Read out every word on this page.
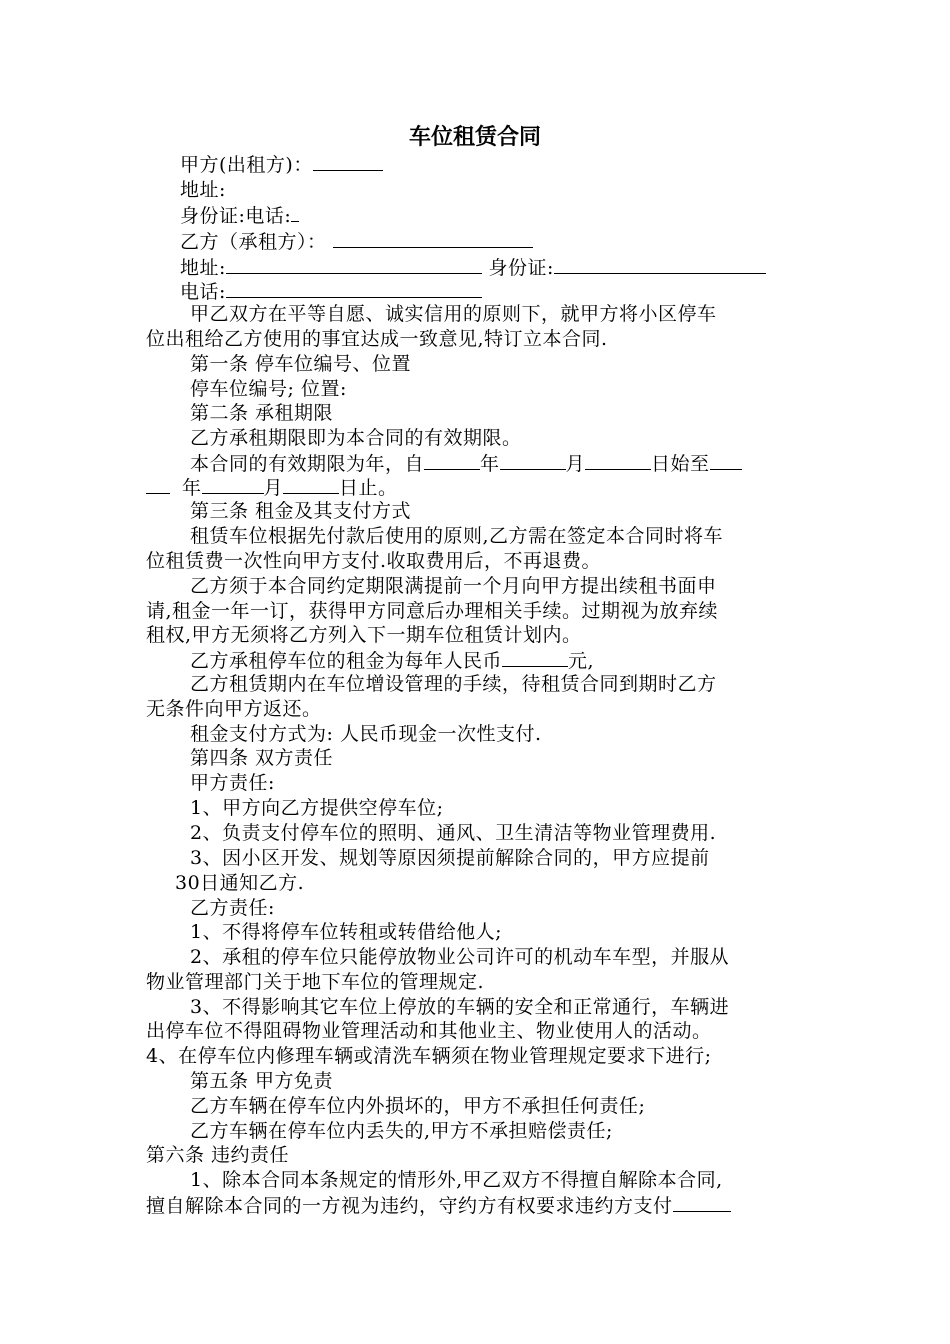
车位租赁合同
甲方(出租方)：
地址:
身份证:电话:
乙方（承租方）：
地址:	身份证:
电话:
甲乙双方在平等自愿、诚实信用的原则下，就甲方将小区停车
位出租给乙方使用的事宜达成一致意见,特订立本合同.
第一条 停车位编号、位置
停车位编号; 位置:
第二条 承租期限
乙方承租期限即为本合同的有效期限。
本合同的有效期限为年，自	年	月	日始至
年	月	日止。
第三条 租金及其支付方式
租赁车位根据先付款后使用的原则,乙方需在签定本合同时将车
位租赁费一次性向甲方支付.收取费用后，不再退费。
乙方须于本合同约定期限满提前一个月向甲方提出续租书面申
请,租金一年一订，获得甲方同意后办理相关手续。过期视为放弃续
租权,甲方无须将乙方列入下一期车位租赁计划内。
乙方承租停车位的租金为每年人民币	元,
乙方租赁期内在车位增设管理的手续，待租赁合同到期时乙方
无条件向甲方返还。
租金支付方式为: 人民币现金一次性支付.
第四条 双方责任
甲方责任:
1、甲方向乙方提供空停车位;
2、负责支付停车位的照明、通风、卫生清洁等物业管理费用.
3、因小区开发、规划等原因须提前解除合同的，甲方应提前
30日通知乙方.
乙方责任:
1、不得将停车位转租或转借给他人;
2、承租的停车位只能停放物业公司许可的机动车车型，并服从
物业管理部门关于地下车位的管理规定.
3、不得影响其它车位上停放的车辆的安全和正常通行，车辆进
出停车位不得阻碍物业管理活动和其他业主、物业使用人的活动。
4、在停车位内修理车辆或清洗车辆须在物业管理规定要求下进行;
第五条 甲方免责
乙方车辆在停车位内外损坏的，甲方不承担任何责任;
乙方车辆在停车位内丢失的,甲方不承担赔偿责任;
第六条 违约责任
1、除本合同本条规定的情形外,甲乙双方不得擅自解除本合同,
擅自解除本合同的一方视为违约，守约方有权要求违约方支付
